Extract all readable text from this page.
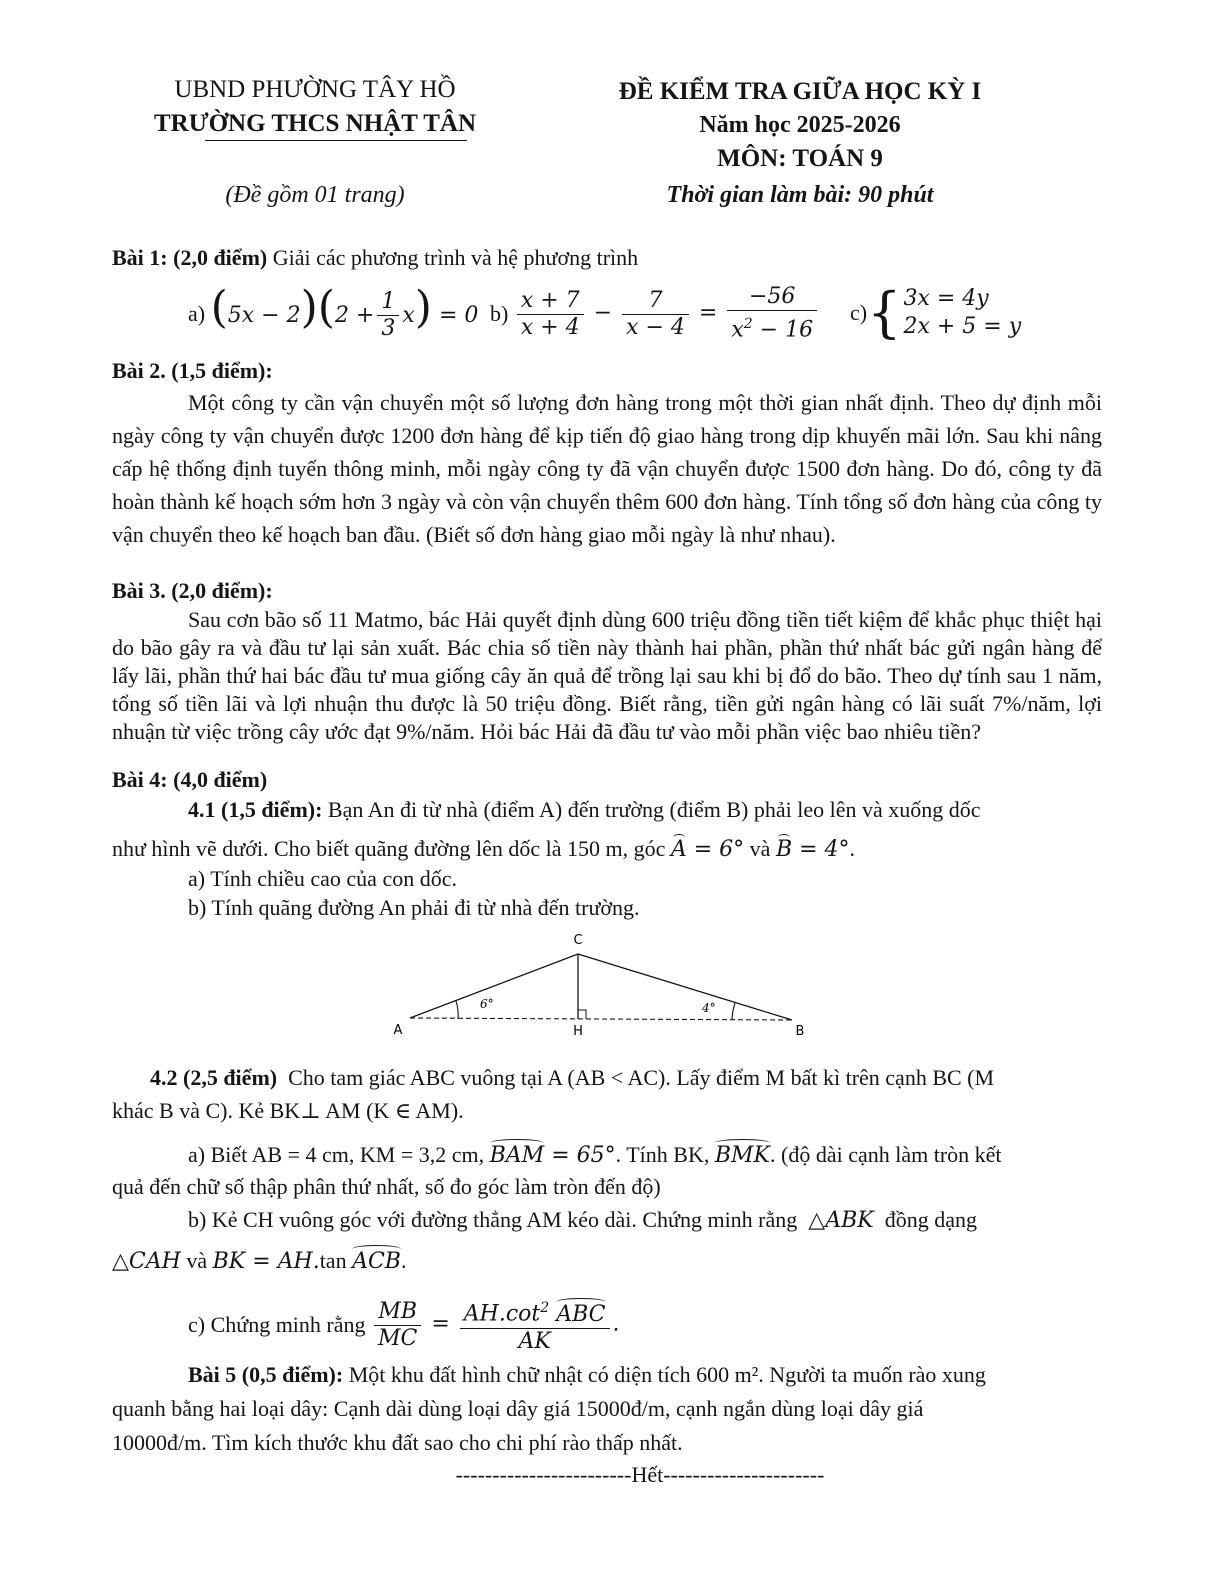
UBND PHƯỜNG TÂY HỒ
TRƯỜNG THCS NHẬT TÂN
(Đề gồm 01 trang)
ĐỀ KIỂM TRA GIỮA HỌC KỲ I
Năm học 2025-2026
MÔN: TOÁN 9
Thời gian làm bài: 90 phút
Bài 1: (2,0 điểm) Giải các phương trình và hệ phương trình
a)
$(5x - 2)(2 + \frac{1}{3} x) = 0$ b)
$\frac{x + 7}{x + 4} - \frac{7}{x - 4} = \frac{-56}{x^2 - 16} c$) { 3x = 4y
2x + 5 = y
Bài 2. (1,5 điểm):
Một công ty cần vận chuyển một số lượng đơn hàng trong một thời gian nhất định. Theo dự định mỗi ngày công ty vận chuyển được 1200 đơn hàng để kịp tiến độ giao hàng trong dịp khuyến mãi lớn. Sau khi nâng cấp hệ thống định tuyến thông minh, mỗi ngày công ty đã vận chuyển được 1500 đơn hàng. Do đó, công ty đã hoàn thành kế hoạch sớm hơn 3 ngày và còn vận chuyển thêm 600 đơn hàng. Tính tổng số đơn hàng của công ty vận chuyển theo kế hoạch ban đầu. (Biết số đơn hàng giao mỗi ngày là như nhau).
Bài 3. (2,0 điểm):
Sau cơn bão số 11 Matmo, bác Hải quyết định dùng 600 triệu đồng tiền tiết kiệm để khắc phục thiệt hại do bão gây ra và đầu tư lại sản xuất. Bác chia số tiền này thành hai phần, phần thứ nhất bác gửi ngân hàng để lấy lãi, phần thứ hai bác đầu tư mua giống cây ăn quả để trồng lại sau khi bị đổ do bão. Theo dự tính sau 1 năm, tổng số tiền lãi và lợi nhuận thu được là 50 triệu đồng. Biết rằng, tiền gửi ngân hàng có lãi suất 7%/năm, lợi nhuận từ việc trồng cây ước đạt 9%/năm. Hỏi bác Hải đã đầu tư vào mỗi phần việc bao nhiêu tiền?
Bài 4: (4,0 điểm)
4.1 (1,5 điểm): Bạn An đi từ nhà (điểm A) đến trường (điểm B) phải leo lên và xuống dốc
như hình vẽ dưới. Cho biết quãng đường lên dốc là 150 m, góc A = 6° và B = 4°.
a) Tính chiều cao của con dốc.
b) Tính quãng đường An phải đi từ nhà đến trường.
C
A	H	B
6°	4°
4.2 (2,5 điểm) Cho tam giác ABC vuông tại A (AB < AC). Lấy điểm M bất kì trên cạnh BC (M
khác B và C). Kẻ BK⊥ AM (K ∈ AM).
a) Biết AB = 4 cm, KM = 3,2 cm, BAM = 65°. Tính BK, BMK. (độ dài cạnh làm tròn kết
quả đến chữ số thập phân thứ nhất, số đo góc làm tròn đến độ)
b) Kẻ CH vuông góc với đường thẳng AM kéo dài. Chứng minh rằng △ABK đồng dạng
△CAH và BK = AH.tan ACB.
c) Chứng minh rằng
$\frac{MB}{MC} = \frac{AH.\cot^2 ABC}{AK}$ .
Bài 5 (0,5 điểm): Một khu đất hình chữ nhật có diện tích 600 m². Người ta muốn rào xung
quanh bằng hai loại dây: Cạnh dài dùng loại dây giá 15000đ/m, cạnh ngắn dùng loại dây giá
10000đ/m. Tìm kích thước khu đất sao cho chi phí rào thấp nhất.
------------------------Hết----------------------
